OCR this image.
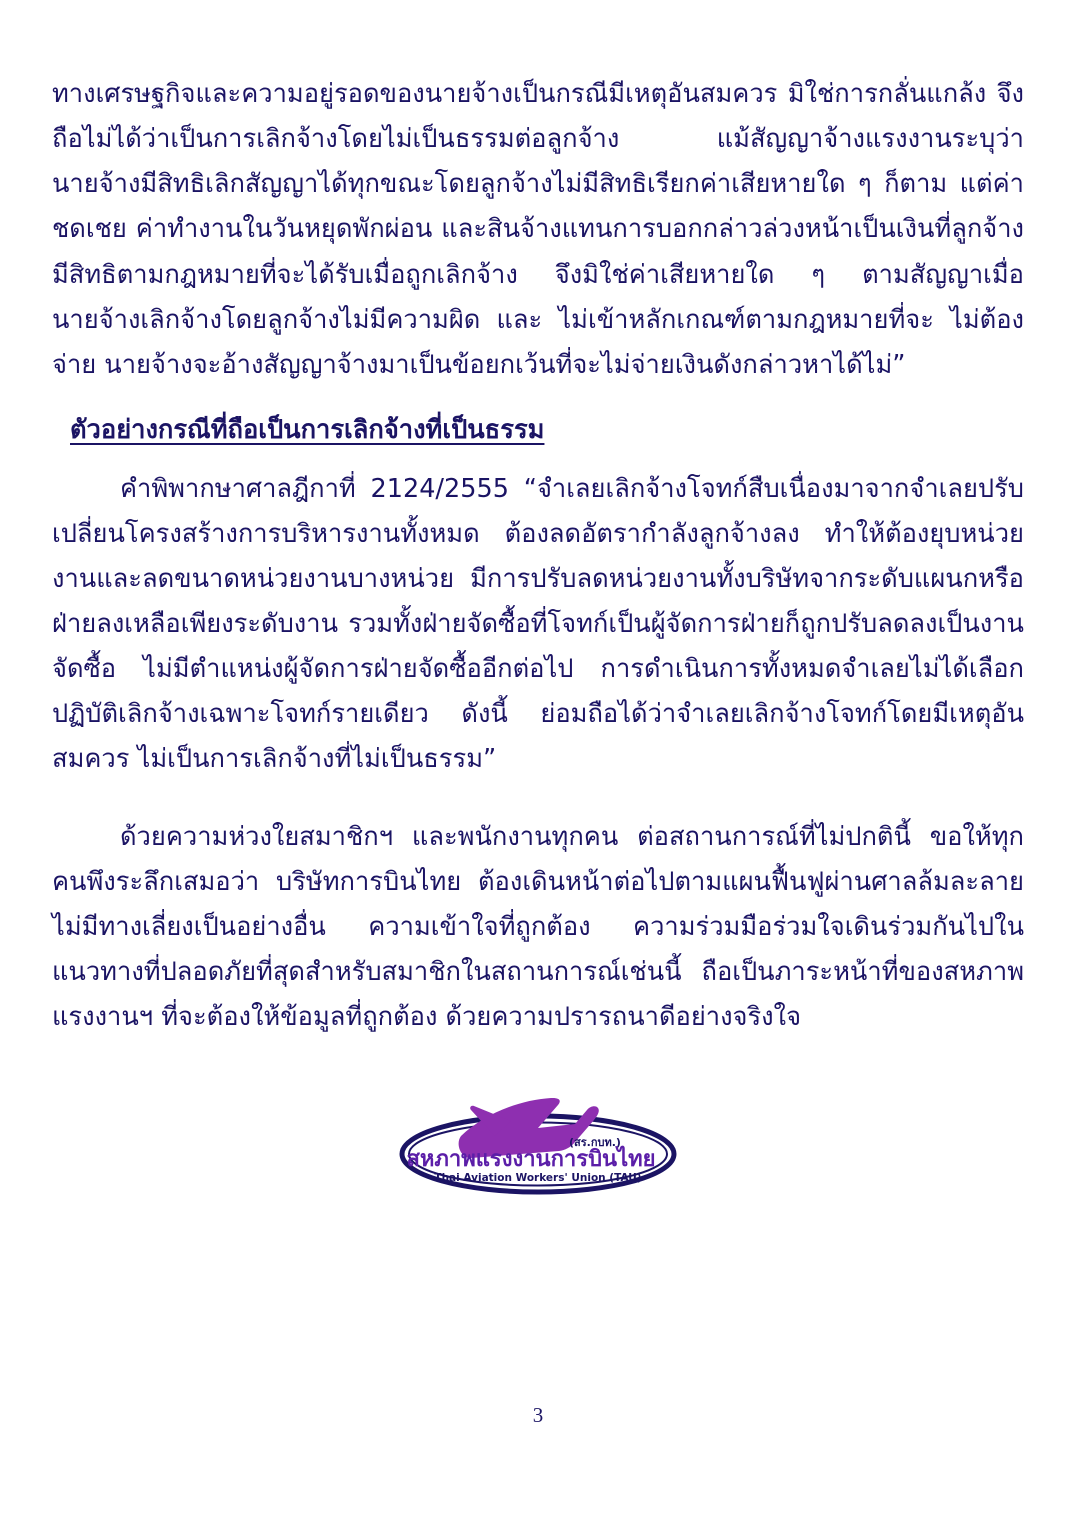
ทางเศรษฐกิจและความอยู่รอดของนายจ้างเป็นกรณีมีเหตุอันสมควร มิใช่การกลั่นแกล้ง จึงถือไม่ได้ว่าเป็นการเลิกจ้างโดยไม่เป็นธรรมต่อลูกจ้าง แม้สัญญาจ้างแรงงานระบุว่า นายจ้างมีสิทธิเลิกสัญญาได้ทุกขณะโดยลูกจ้างไม่มีสิทธิเรียกค่าเสียหายใด ๆ ก็ตาม แต่ค่าชดเชย ค่าทำงานในวันหยุดพักผ่อน และสินจ้างแทนการบอกกล่าวล่วงหน้าเป็นเงินที่ลูกจ้างมีสิทธิตามกฎหมายที่จะได้รับเมื่อถูกเลิกจ้าง จึงมิใช่ค่าเสียหายใด ๆ ตามสัญญาเมื่อนายจ้างเลิกจ้างโดยลูกจ้างไม่มีความผิด และ ไม่เข้าหลักเกณฑ์ตามกฎหมายที่จะ ไม่ต้องจ่าย นายจ้างจะอ้างสัญญาจ้างมาเป็นข้อยกเว้นที่จะไม่จ่ายเงินดังกล่าวหาได้ไม่”

ตัวอย่างกรณีที่ถือเป็นการเลิกจ้างที่เป็นธรรม

คำพิพากษาศาลฎีกาที่ 2124/2555 “จำเลยเลิกจ้างโจทก์สืบเนื่องมาจากจำเลยปรับเปลี่ยนโครงสร้างการบริหารงานทั้งหมด ต้องลดอัตรากำลังลูกจ้างลง ทำให้ต้องยุบหน่วยงานและลดขนาดหน่วยงานบางหน่วย มีการปรับลดหน่วยงานทั้งบริษัทจากระดับแผนกหรือฝ่ายลงเหลือเพียงระดับงาน รวมทั้งฝ่ายจัดซื้อที่โจทก์เป็นผู้จัดการฝ่ายก็ถูกปรับลดลงเป็นงานจัดซื้อ ไม่มีตำแหน่งผู้จัดการฝ่ายจัดซื้ออีกต่อไป การดำเนินการทั้งหมดจำเลยไม่ได้เลือกปฏิบัติเลิกจ้างเฉพาะโจทก์รายเดียว ดังนี้ ย่อมถือได้ว่าจำเลยเลิกจ้างโจทก์โดยมีเหตุอันสมควร ไม่เป็นการเลิกจ้างที่ไม่เป็นธรรม”

ด้วยความห่วงใยสมาชิกฯ และพนักงานทุกคน ต่อสถานการณ์ที่ไม่ปกตินี้ ขอให้ทุกคนพึงระลึกเสมอว่า บริษัทการบินไทย ต้องเดินหน้าต่อไปตามแผนฟื้นฟูผ่านศาลล้มละลาย ไม่มีทางเลี่ยงเป็นอย่างอื่น ความเข้าใจที่ถูกต้อง ความร่วมมือร่วมใจเดินร่วมกันไปในแนวทางที่ปลอดภัยที่สุดสำหรับสมาชิกในสถานการณ์เช่นนี้ ถือเป็นภาระหน้าที่ของสหภาพแรงงานฯ ที่จะต้องให้ข้อมูลที่ถูกต้อง ด้วยความปรารถนาดีอย่างจริงใจ

(สร.กบท.)
สหภาพแรงงานการบินไทย
Thai Aviation Workers' Union (TAU)
3
